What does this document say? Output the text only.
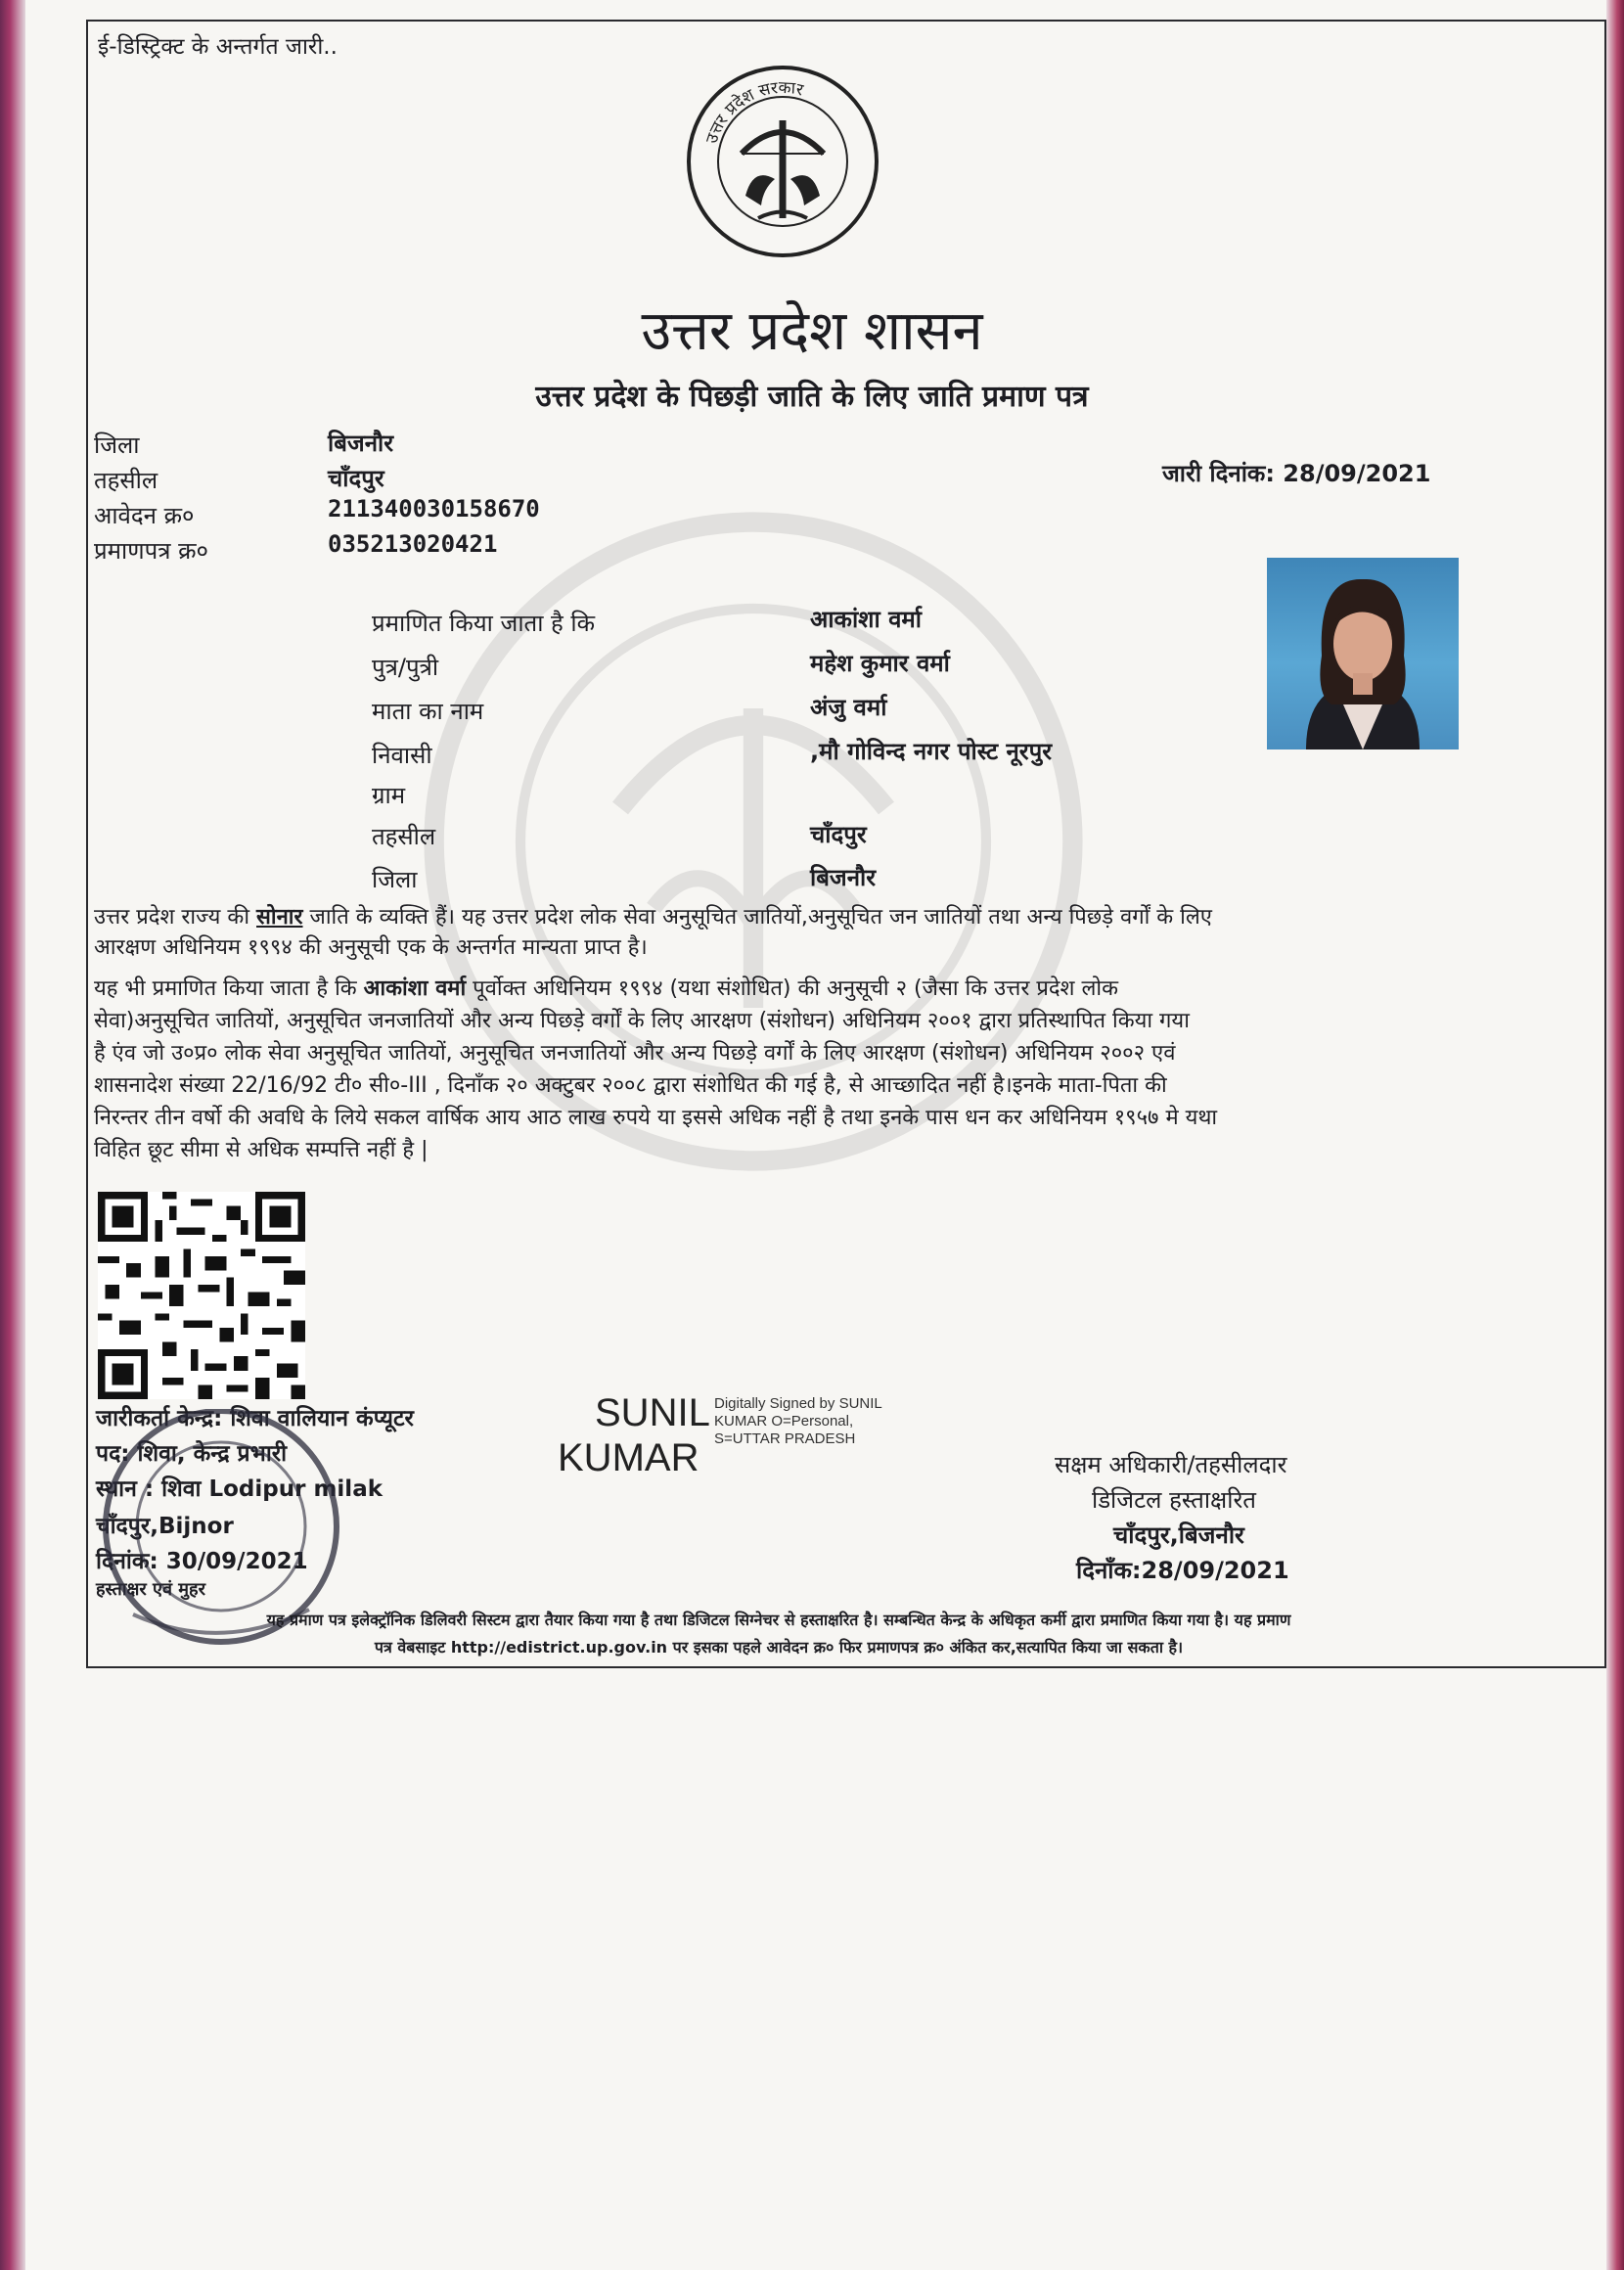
ई-डिस्ट्रिक्ट के अन्तर्गत जारी..
उत्तर प्रदेश सरकार
उत्तर प्रदेश शासन
उत्तर प्रदेश के पिछड़ी जाति के लिए जाति प्रमाण पत्र
जिला	बिजनौर
तहसील	चाँदपुर
आवेदन क्र०	211340030158670
प्रमाणपत्र क्र०	035213020421
जारी दिनांक: 28/09/2021
प्रमाणित किया जाता है कि	आकांशा वर्मा
पुत्र/पुत्री	महेश कुमार वर्मा
माता का नाम	अंजु वर्मा
निवासी	,मौ गोविन्द नगर पोस्ट नूरपुर
ग्राम
तहसील	चाँदपुर
जिला	बिजनौर
उत्तर प्रदेश राज्य की सोनार जाति के व्यक्ति हैं। यह उत्तर प्रदेश लोक सेवा अनुसूचित जातियों,अनुसूचित जन जातियों तथा अन्य पिछड़े वर्गों के लिए
आरक्षण अधिनियम १९९४ की अनुसूची एक के अन्तर्गत मान्यता प्राप्त है।
यह भी प्रमाणित किया जाता है कि आकांशा वर्मा पूर्वोक्त अधिनियम १९९४ (यथा संशोधित) की अनुसूची २ (जैसा कि उत्तर प्रदेश लोक
सेवा)अनुसूचित जातियों, अनुसूचित जनजातियों और अन्य पिछड़े वर्गों के लिए आरक्षण (संशोधन) अधिनियम २००१ द्वारा प्रतिस्थापित किया गया
है एंव जो उ०प्र० लोक सेवा अनुसूचित जातियों, अनुसूचित जनजातियों और अन्य पिछड़े वर्गों के लिए आरक्षण (संशोधन) अधिनियम २००२ एवं
शासनादेश संख्या 22/16/92 टी० सी०-III , दिनाँक २० अक्टुबर २००८ द्वारा संशोधित की गई है, से आच्छादित नहीं है।इनके माता-पिता की
निरन्तर तीन वर्षो की अवधि के लिये सकल वार्षिक आय आठ लाख रुपये या इससे अधिक नहीं है तथा इनके पास धन कर अधिनियम १९५७ मे यथा
विहित छूट सीमा से अधिक सम्पत्ति नहीं है |
जारीकर्ता केन्द्र: शिवा वालियान कंप्यूटर
पद: शिवा, केन्द्र प्रभारी
स्थान : शिवा Lodipur milak
चाँदपुर,Bijnor
दिनांक: 30/09/2021
हस्ताक्षर एवं मुहर
SUNIL
KUMAR
Digitally Signed by SUNIL
KUMAR O=Personal,
S=UTTAR PRADESH
सक्षम अधिकारी/तहसीलदार
डिजिटल हस्ताक्षरित
चाँदपुर,बिजनौर
दिनाँक:28/09/2021
यह प्रमाण पत्र इलेक्ट्रॉनिक डिलिवरी सिस्टम द्वारा तैयार किया गया है तथा डिजिटल सिग्नेचर से हस्ताक्षरित है। सम्बन्धित केन्द्र के अधिकृत कर्मी द्वारा प्रमाणित किया गया है। यह प्रमाण
पत्र वेबसाइट http://edistrict.up.gov.in पर इसका पहले आवेदन क्र० फिर प्रमाणपत्र क्र० अंकित कर,सत्यापित किया जा सकता है।
